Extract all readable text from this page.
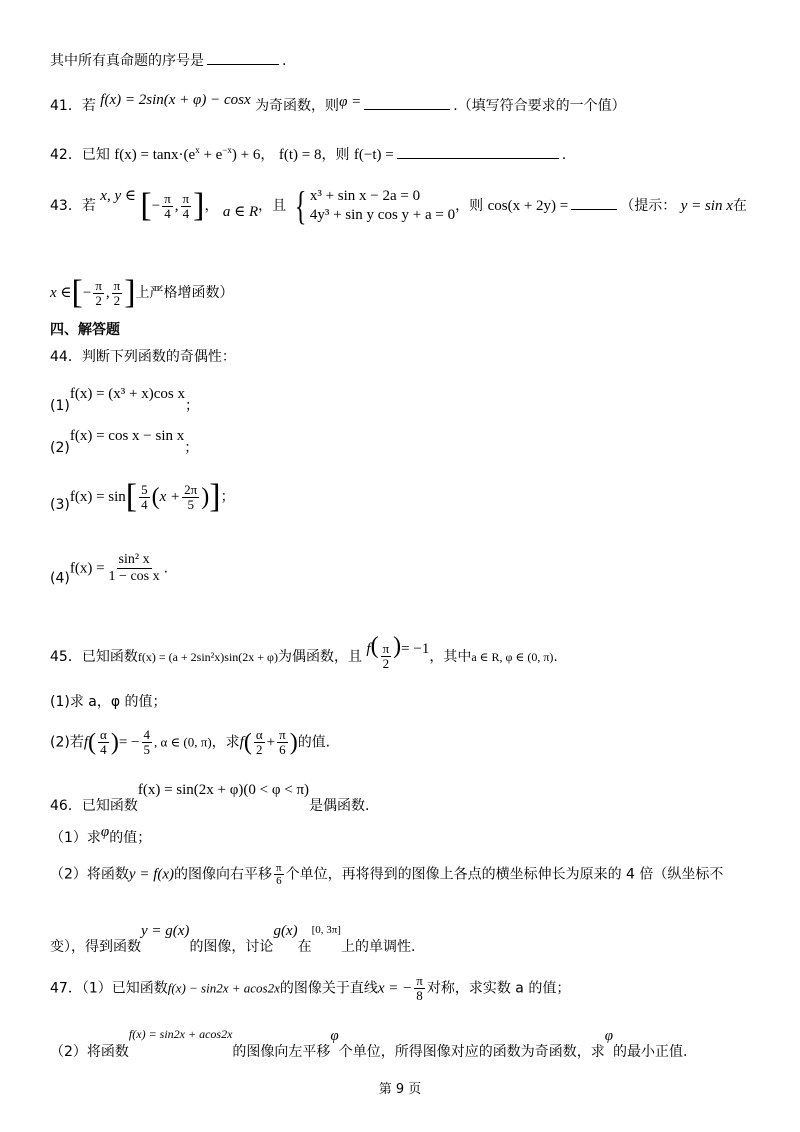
其中所有真命题的序号是	.
41．若 f(x) = 2sin(x + φ) − cosx 为奇函数，则φ =	.（填写符合要求的一个值）
42．已知 $f(x) = \tan x\cdot(e^x + e^{-x}) + 6$， f(t) = 8，则 f(−t) =	.
43．若 x, y ∈ [− $\frac{\pi}{4}$ , $\frac{\pi}{4}$ ]， a ∈ R，且 { x³ + sin x − 2a = 0
4y³ + sin y cos y + a = 0
，则 cos(x + 2y) =	（提示： y = sin x在
x ∈[− $\frac{\pi}{2}$ , $\frac{\pi}{2}$ ]上严格增函数）
四、解答题
44．判断下列函数的奇偶性：
(1)f(x) = (x³ + x)cos x；
(2)f(x) = cos x − sin x；
$(3)f(x) = \sin[ \frac{5}{4} (x + \frac{2\pi}{5}$ )]；
$(4)f(x) = \frac{\text{sin² x}}{\text{1 − cos x}}$ .
45．已知函数f(x) = (a + 2sin²x)sin(2x + φ)为偶函数，且 $f( \frac{\pi}{2}$ )= −1，其中a ∈ R, φ ∈ (0, π).
(1)求 a，φ 的值；
(2)若$f( \frac{\alpha}{4}$ )= − $\frac{4}{5}$ , α ∈ (0, π)，求$f( \frac{\alpha}{2} + \frac{\pi}{6}$ )的值.
46．已知函数f(x) = sin(2x + φ)(0 < φ < π)是偶函数.
（1）求φ的值；
（2）将函数y = f(x)的图像向右平移 $\frac{\pi}{6}$ 个单位，再将得到的图像上各点的横坐标伸长为原来的 4 倍（纵坐标不
变），得到函数y = g(x)的图像，讨论g(x)在[0, 3π]上的单调性.
47．（1）已知函数f(x) − sin2x + acos2x的图像关于直线x = − $\frac{\pi}{8}$ 对称，求实数 a 的值；
（2）将函数f(x) = sin2x + acos2x的图像向左平移φ个单位，所得图像对应的函数为奇函数，求φ的最小正值.
第 9 页
